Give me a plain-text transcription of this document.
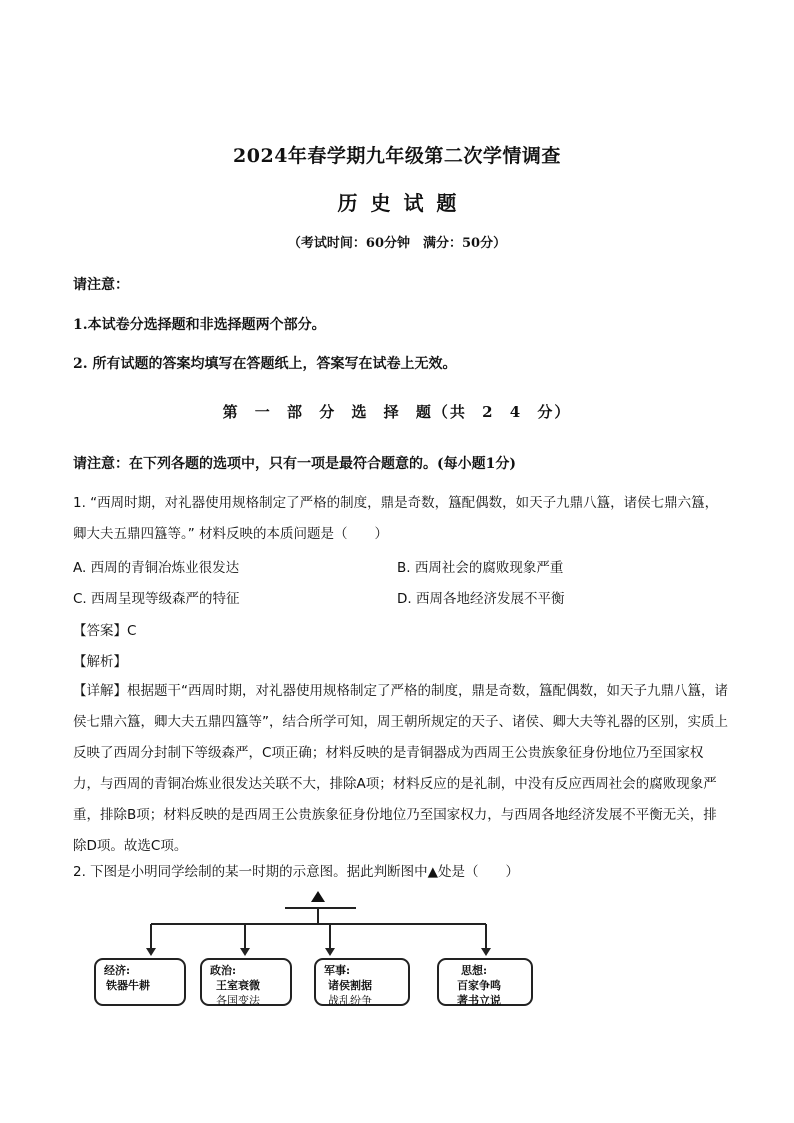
2024年春学期九年级第二次学情调查
历 史 试 题
（考试时间：60分钟　满分：50分）
请注意：
1.本试卷分选择题和非选择题两个部分。
2. 所有试题的答案均填写在答题纸上，答案写在试卷上无效。
第 一 部 分 选 择 题（共 2 4 分）
请注意：在下列各题的选项中，只有一项是最符合题意的。(每小题1分)
1. “西周时期，对礼器使用规格制定了严格的制度，鼎是奇数，簋配偶数，如天子九鼎八簋，诸侯七鼎六簋，卿大夫五鼎四簋等。” 材料反映的本质问题是（　　）
A. 西周的青铜冶炼业很发达	B. 西周社会的腐败现象严重
C. 西周呈现等级森严的特征	D. 西周各地经济发展不平衡
【答案】C
【解析】
【详解】根据题干“西周时期，对礼器使用规格制定了严格的制度，鼎是奇数，簋配偶数，如天子九鼎八簋，诸侯七鼎六簋，卿大夫五鼎四簋等”，结合所学可知，周王朝所规定的天子、诸侯、卿大夫等礼器的区别，实质上反映了西周分封制下等级森严，C项正确；材料反映的是青铜器成为西周王公贵族象征身份地位乃至国家权力，与西周的青铜冶炼业很发达关联不大，排除A项；材料反应的是礼制，中没有反应西周社会的腐败现象严重，排除B项；材料反映的是西周王公贵族象征身份地位乃至国家权力，与西周各地经济发展不平衡无关，排除D项。故选C项。
2. 下图是小明同学绘制的某一时期的示意图。据此判断图中▲处是（　　）
经济:
铁器牛耕
政治:
王室衰微
各国变法
军事:
诸侯割据
战乱纷争
思想:
百家争鸣
著书立说
